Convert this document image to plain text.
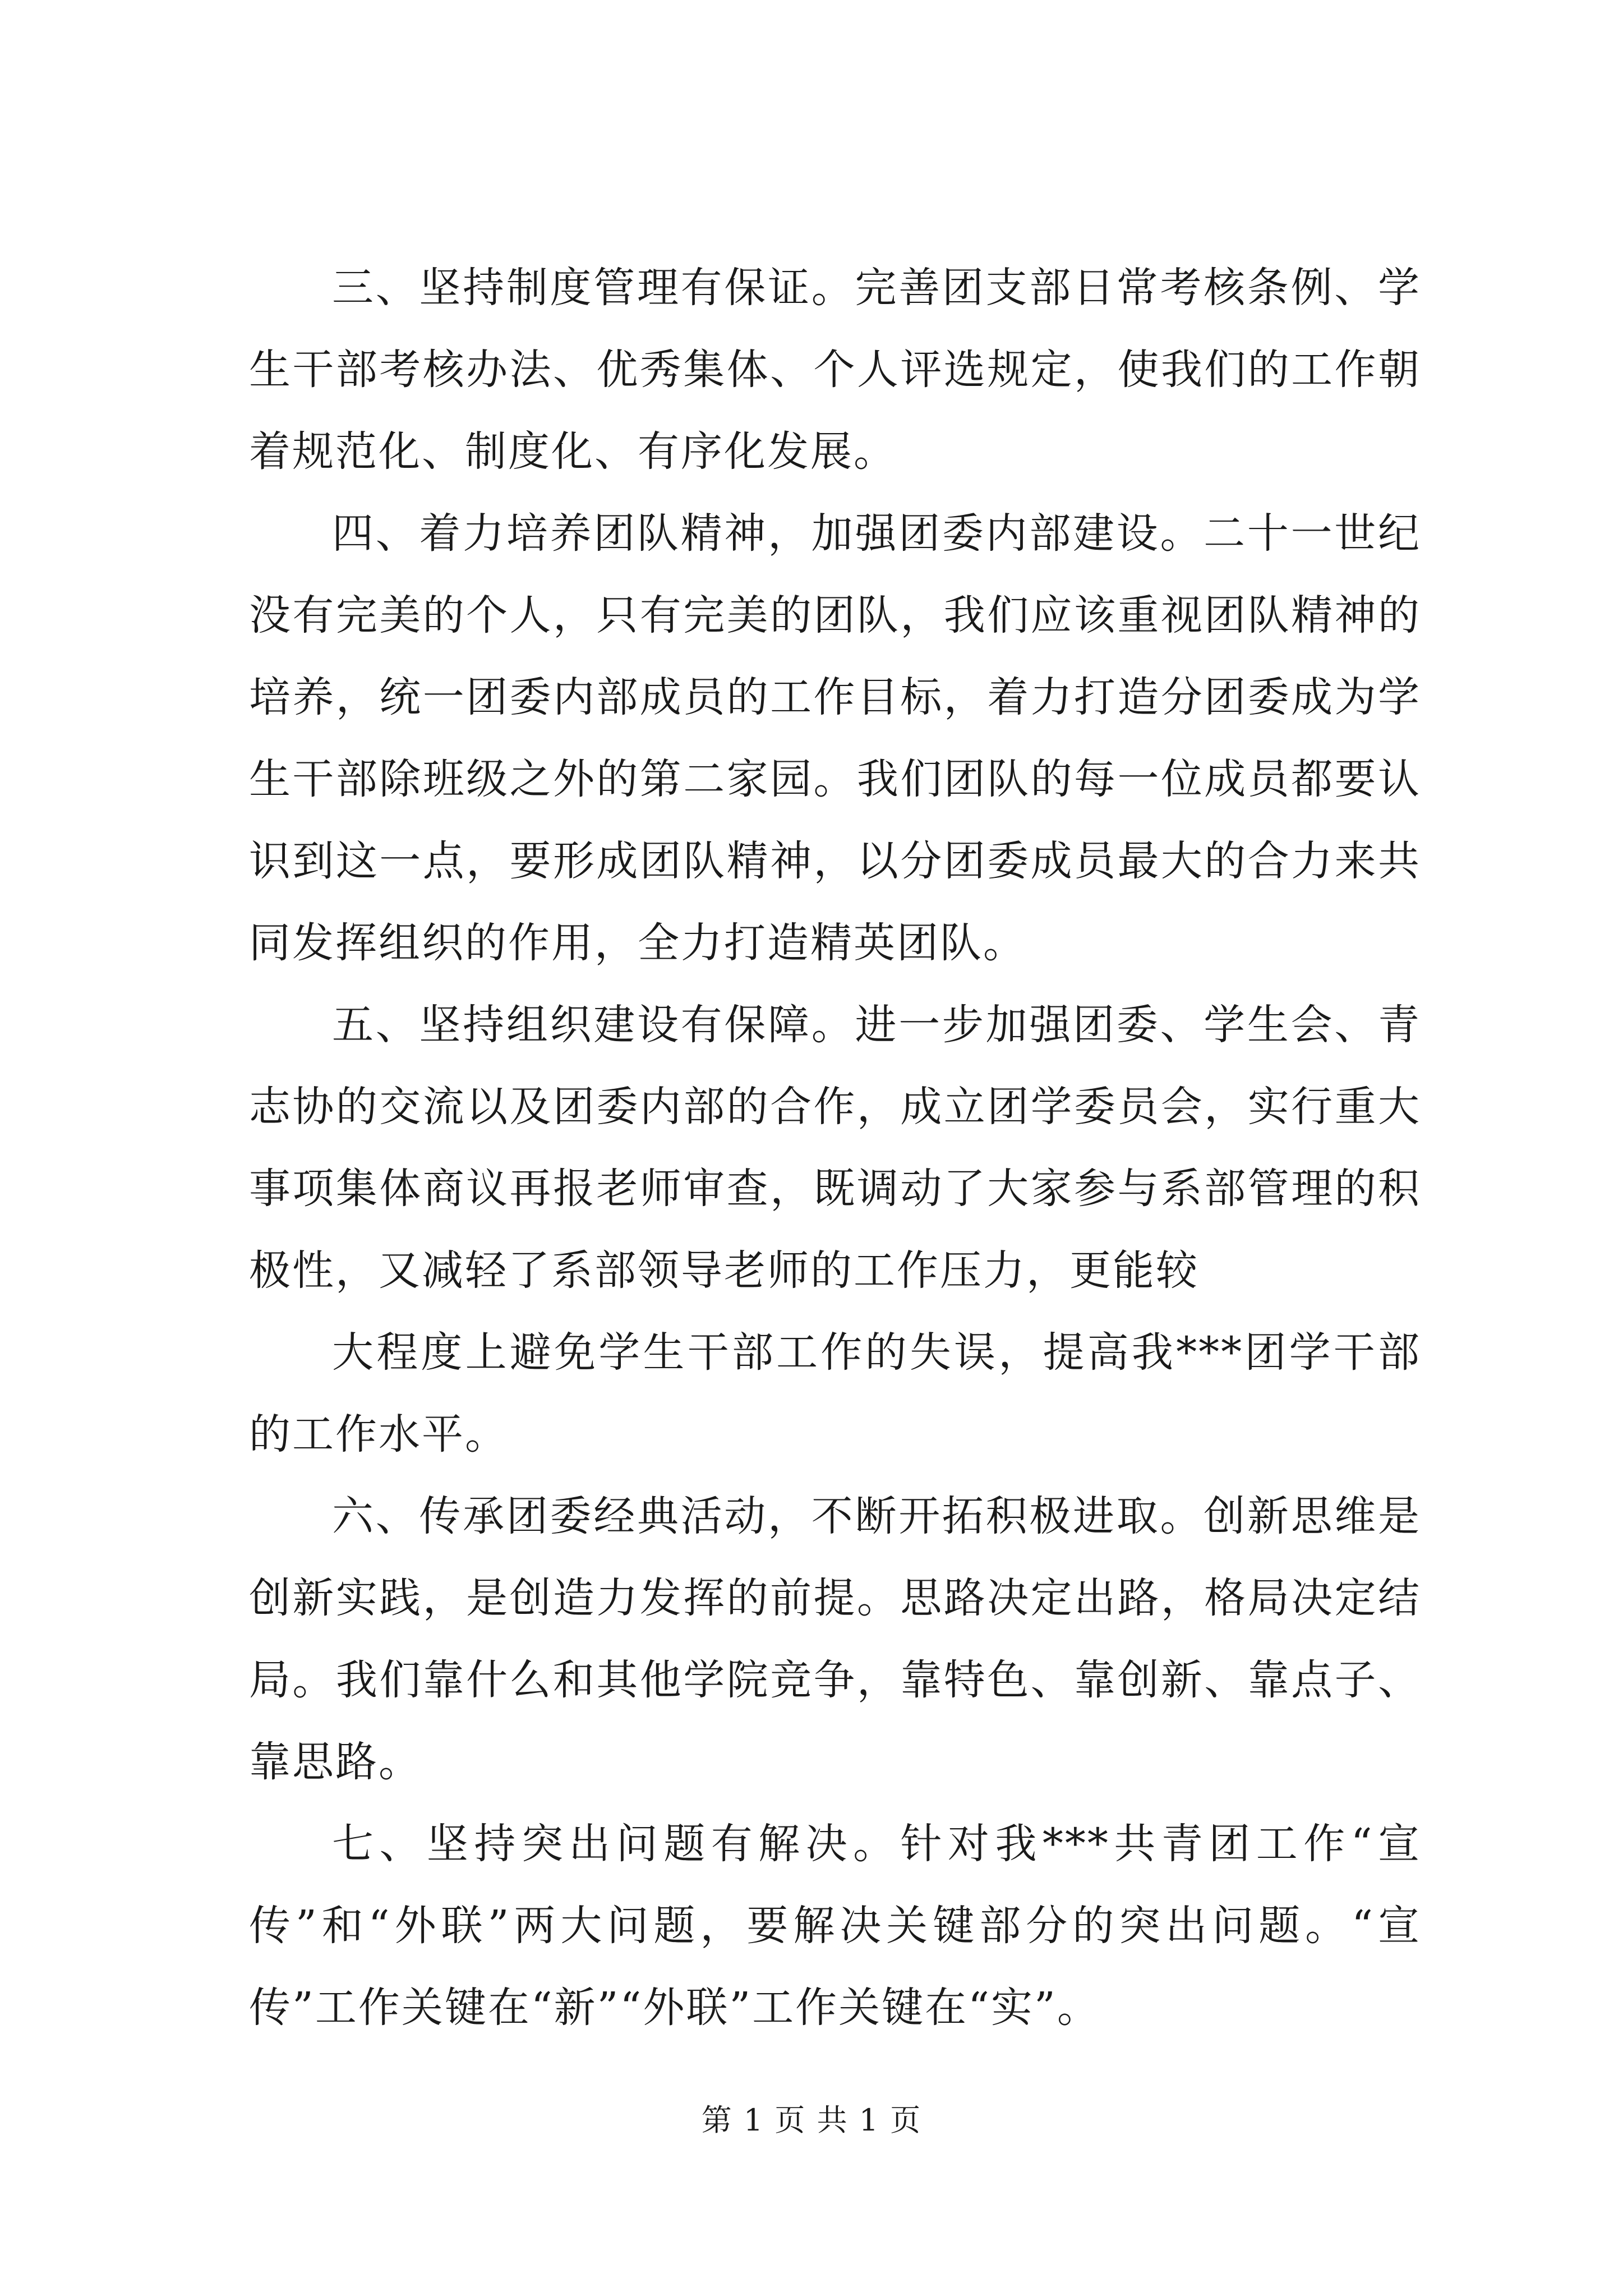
三、坚持制度管理有保证。完善团支部日常考核条例、学生干部考核办法、优秀集体、个人评选规定，使我们的工作朝着规范化、制度化、有序化发展。

四、着力培养团队精神，加强团委内部建设。二十一世纪没有完美的个人，只有完美的团队，我们应该重视团队精神的培养，统一团委内部成员的工作目标，着力打造分团委成为学生干部除班级之外的第二家园。我们团队的每一位成员都要认识到这一点，要形成团队精神，以分团委成员最大的合力来共同发挥组织的作用，全力打造精英团队。

五、坚持组织建设有保障。进一步加强团委、学生会、青志协的交流以及团委内部的合作，成立团学委员会，实行重大事项集体商议再报老师审查，既调动了大家参与系部管理的积极性，又减轻了系部领导老师的工作压力，更能较

大程度上避免学生干部工作的失误，提高我***团学干部的工作水平。

六、传承团委经典活动，不断开拓积极进取。创新思维是创新实践，是创造力发挥的前提。思路决定出路，格局决定结局。我们靠什么和其他学院竞争，靠特色、靠创新、靠点子、靠思路。

七、坚持突出问题有解决。针对我***共青团工作“宣传”和“外联”两大问题，要解决关键部分的突出问题。“宣传”工作关键在“新”“外联”工作关键在“实”。

第 1 页 共 1 页
